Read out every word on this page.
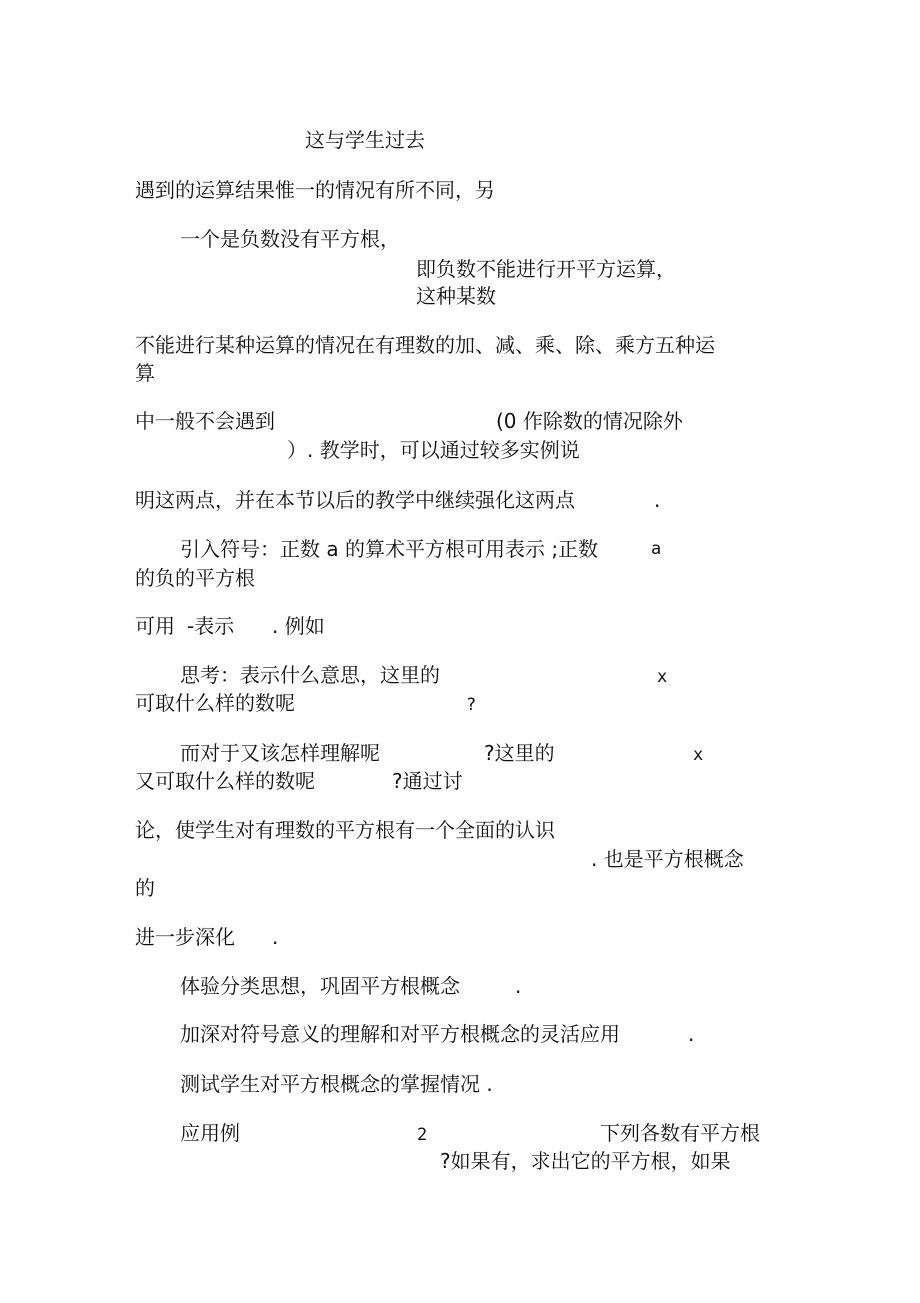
这与学生过去
遇到的运算结果惟一的情况有所不同，另
一个是负数没有平方根，
即负数不能进行开平方运算，
这种某数
不能进行某种运算的情况在有理数的加、减、乘、除、乘方五种运
算
中一般不会遇到	(0 作除数的情况除外
）. 教学时，可以通过较多实例说
明这两点，并在本节以后的教学中继续强化这两点	.
引入符号：正数 a 的算术平方根可用表示 ;正数	a
的负的平方根
可用 -表示 . 例如
思考：表示什么意思，这里的	x
可取什么样的数呢	?
而对于又该怎样理解呢	?这里的	x
又可取什么样的数呢	?通过讨
论，使学生对有理数的平方根有一个全面的认识
. 也是平方根概念
的
进一步深化 .
体验分类思想，巩固平方根概念	.
加深对符号意义的理解和对平方根概念的灵活应用	.
测试学生对平方根概念的掌握情况 .
应用例	2	下列各数有平方根
?如果有，求出它的平方根，如果
